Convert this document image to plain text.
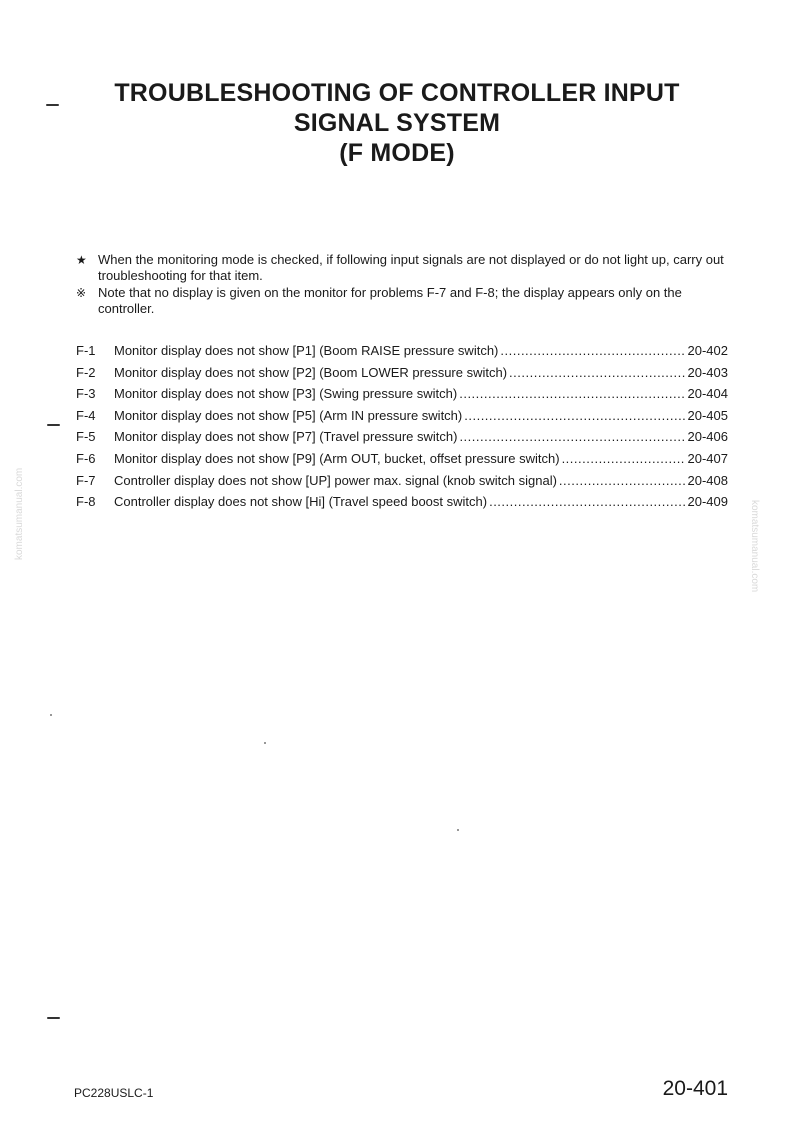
TROUBLESHOOTING OF CONTROLLER INPUT
SIGNAL SYSTEM
(F MODE)
★ When the monitoring mode is checked, if following input signals are not displayed or do not light up, carry out troubleshooting for that item.
※ Note that no display is given on the monitor for problems F-7 and F-8; the display appears only on the controller.
F-1	Monitor display does not show [P1] (Boom RAISE pressure switch) .....	20-402
F-2	Monitor display does not show [P2] (Boom LOWER pressure switch) .....	20-403
F-3	Monitor display does not show [P3] (Swing pressure switch) .....	20-404
F-4	Monitor display does not show [P5] (Arm IN pressure switch) .....	20-405
F-5	Monitor display does not show [P7] (Travel pressure switch) .....	20-406
F-6	Monitor display does not show [P9] (Arm OUT, bucket, offset pressure switch) .....	20-407
F-7	Controller display does not show [UP] power max. signal (knob switch signal) .....	20-408
F-8	Controller display does not show [Hi] (Travel speed boost switch) .....	20-409
komatsumanual.com	komatsumanual.com
PC228USLC-1	20-401
